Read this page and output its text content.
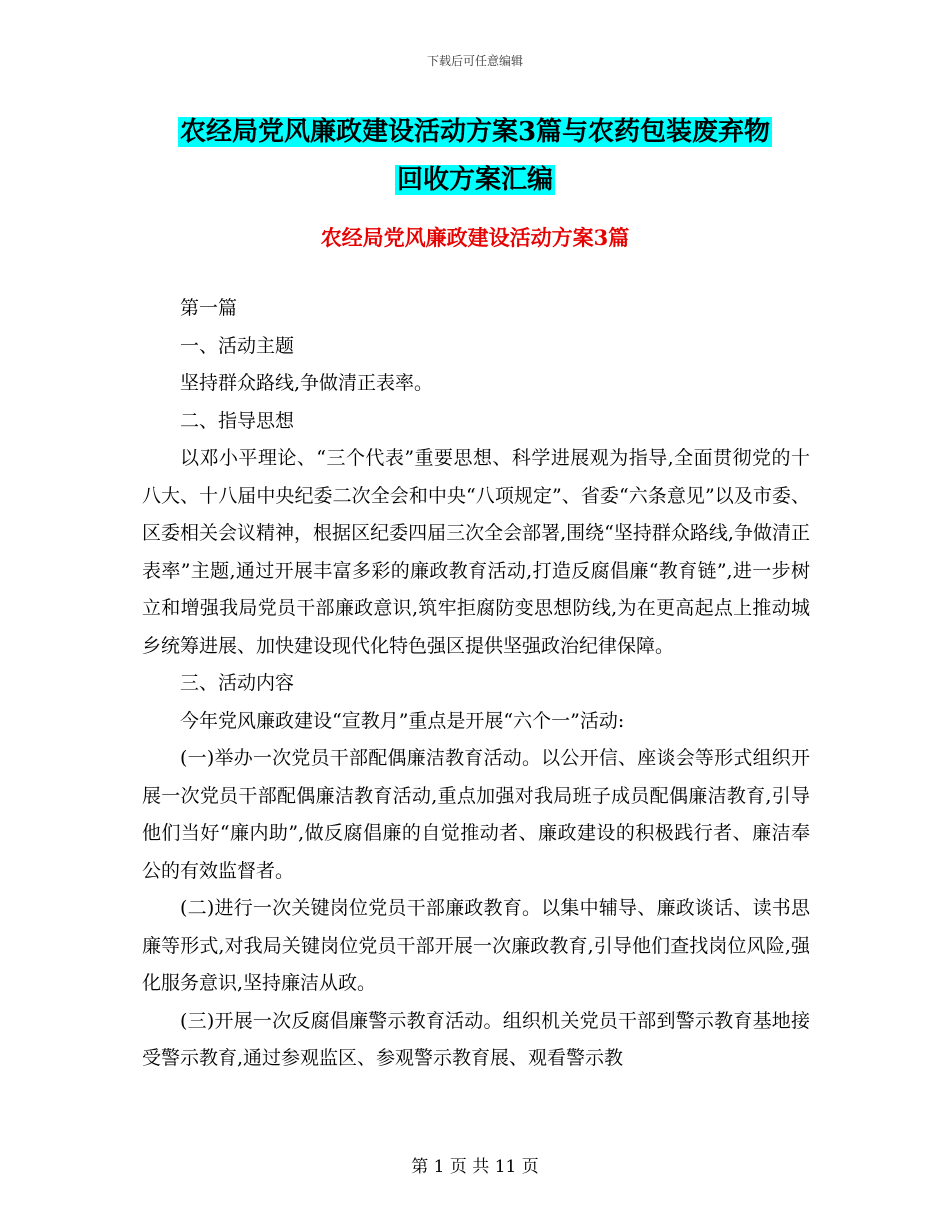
下载后可任意编辑
农经局党风廉政建设活动方案3篇与农药包装废弃物
回收方案汇编
农经局党风廉政建设活动方案3篇

第一篇

一、活动主题

坚持群众路线,争做清正表率。

二、指导思想

以邓小平理论、“三个代表”重要思想、科学进展观为指导,全面贯彻党的十八大、十八届中央纪委二次全会和中央“八项规定”、省委“六条意见”以及市委、区委相关会议精神，根据区纪委四届三次全会部署,围绕“坚持群众路线,争做清正表率”主题,通过开展丰富多彩的廉政教育活动,打造反腐倡廉“教育链”,进一步树立和增强我局党员干部廉政意识,筑牢拒腐防变思想防线,为在更高起点上推动城乡统筹进展、加快建设现代化特色强区提供坚强政治纪律保障。

三、活动内容

今年党风廉政建设“宣教月”重点是开展“六个一”活动:

(一)举办一次党员干部配偶廉洁教育活动。以公开信、座谈会等形式组织开展一次党员干部配偶廉洁教育活动,重点加强对我局班子成员配偶廉洁教育,引导他们当好“廉内助”,做反腐倡廉的自觉推动者、廉政建设的积极践行者、廉洁奉公的有效监督者。

(二)进行一次关键岗位党员干部廉政教育。以集中辅导、廉政谈话、读书思廉等形式,对我局关键岗位党员干部开展一次廉政教育,引导他们查找岗位风险,强化服务意识,坚持廉洁从政。

(三)开展一次反腐倡廉警示教育活动。组织机关党员干部到警示教育基地接受警示教育,通过参观监区、参观警示教育展、观看警示教

第 1 页 共 11 页
